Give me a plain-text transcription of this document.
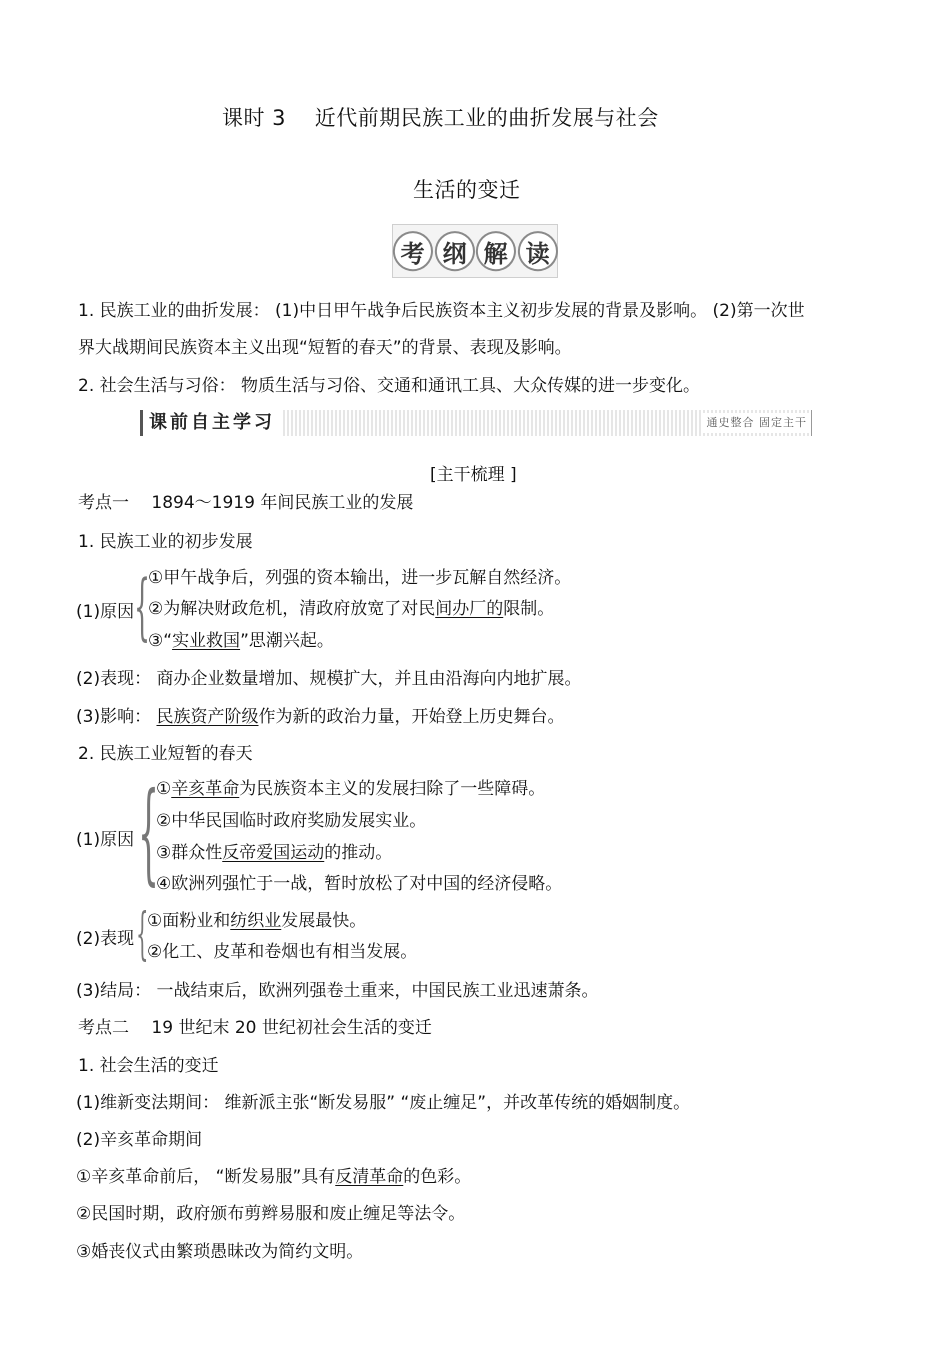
课时 3　 近代前期民族工业的曲折发展与社会
生活的变迁
考 纲 解 读
1. 民族工业的曲折发展： (1)中日甲午战争后民族资本主义初步发展的背景及影响。 (2)第一次世
界大战期间民族资本主义出现“短暂的春天”的背景、表现及影响。
2. 社会生活与习俗： 物质生活与习俗、交通和通讯工具、大众传媒的进一步变化。
课前自主学习	通史整合 固定主干
[主干梳理 ]
考点一　 1894～1919 年间民族工业的发展
1. 民族工业的初步发展
(1)原因 {
①甲午战争后，列强的资本输出，进一步瓦解自然经济。
②为解决财政危机，清政府放宽了对民间办厂的限制。
③“实业救国”思潮兴起。
(2)表现： 商办企业数量增加、规模扩大，并且由沿海向内地扩展。
(3)影响： 民族资产阶级作为新的政治力量，开始登上历史舞台。
2. 民族工业短暂的春天
(1)原因 {
①辛亥革命为民族资本主义的发展扫除了一些障碍。
②中华民国临时政府奖励发展实业。
③群众性反帝爱国运动的推动。
④欧洲列强忙于一战，暂时放松了对中国的经济侵略。
(2)表现 {
①面粉业和纺织业发展最快。
②化工、皮革和卷烟也有相当发展。
(3)结局： 一战结束后，欧洲列强卷土重来，中国民族工业迅速萧条。
考点二　 19 世纪末 20 世纪初社会生活的变迁
1. 社会生活的变迁
(1)维新变法期间： 维新派主张“断发易服” “废止缠足”，并改革传统的婚姻制度。
(2)辛亥革命期间
①辛亥革命前后， “断发易服”具有反清革命的色彩。
②民国时期，政府颁布剪辫易服和废止缠足等法令。
③婚丧仪式由繁琐愚昧改为简约文明。
